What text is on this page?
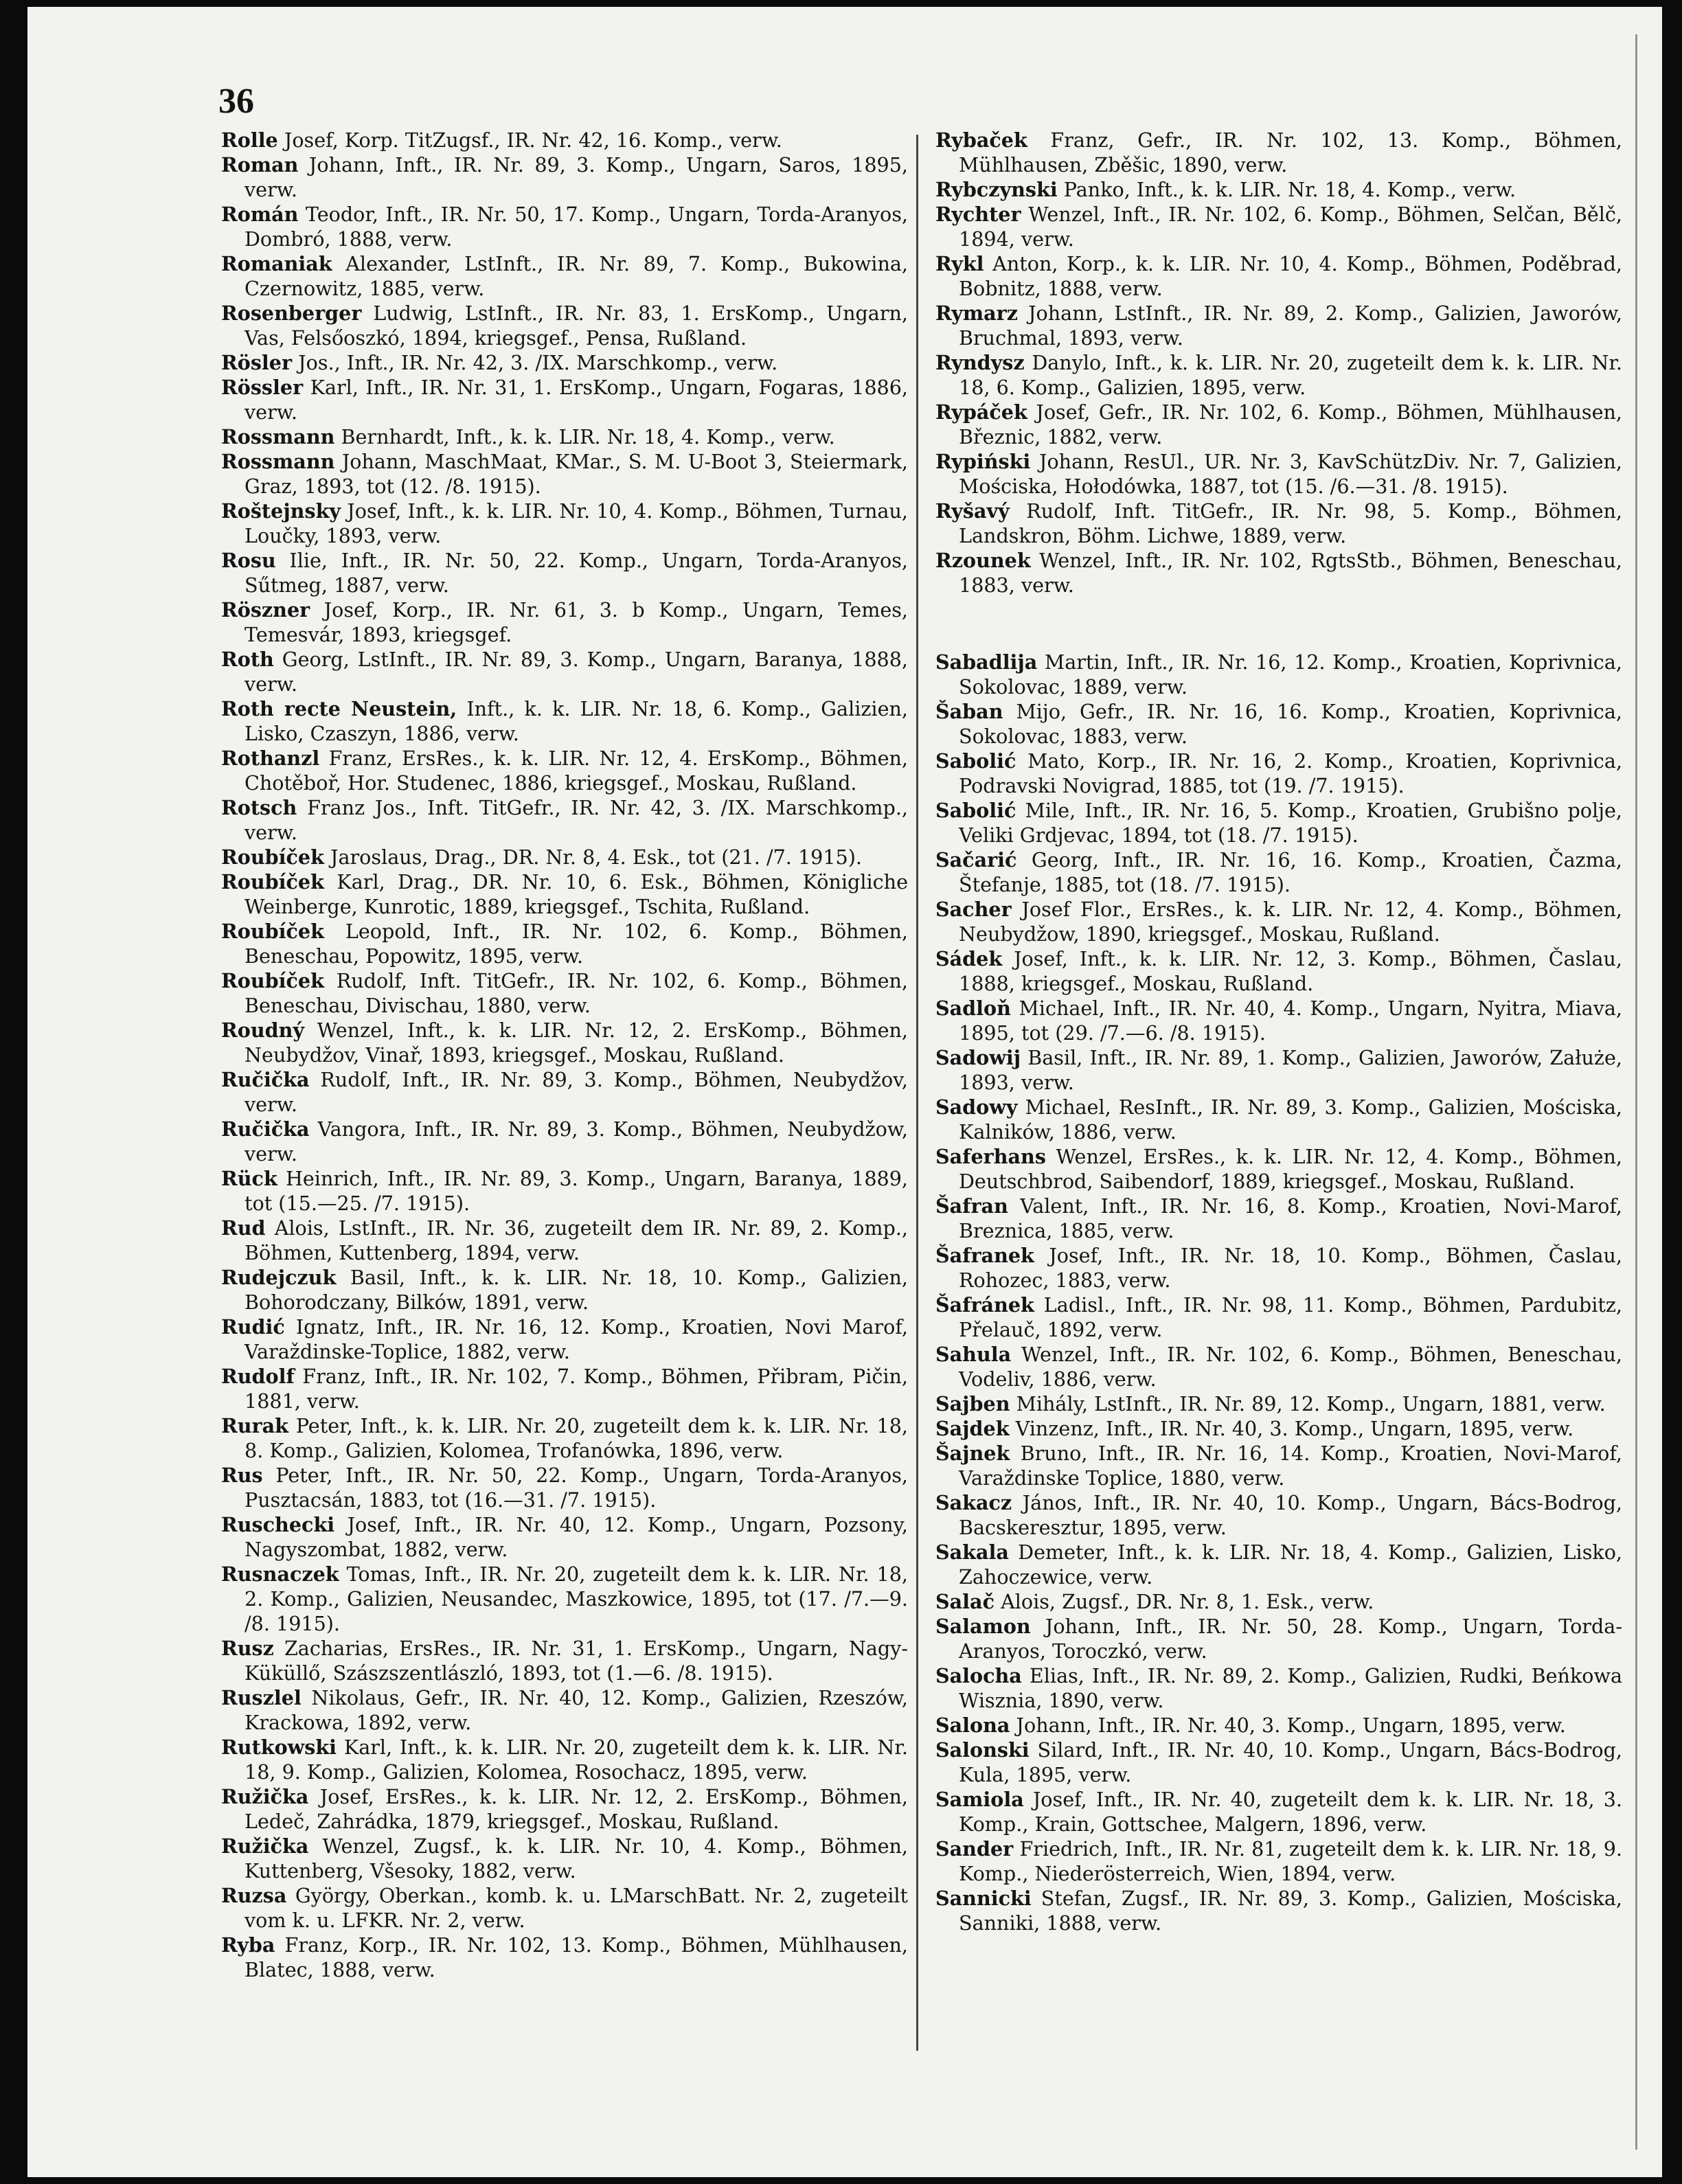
36

Rolle Josef, Korp. TitZugsf., IR. Nr. 42, 16. Komp., verw.

Roman Johann, Inft., IR. Nr. 89, 3. Komp., Ungarn, Saros, 1895, verw.

Román Teodor, Inft., IR. Nr. 50, 17. Komp., Ungarn, Torda-Aranyos, Dombró, 1888, verw.

Romaniak Alexander, LstInft., IR. Nr. 89, 7. Komp., Bukowina, Czernowitz, 1885, verw.

Rosenberger Ludwig, LstInft., IR. Nr. 83, 1. ErsKomp., Ungarn, Vas, Felsőoszkó, 1894, kriegsgef., Pensa, Rußland.

Rösler Jos., Inft., IR. Nr. 42, 3. /IX. Marschkomp., verw.

Rössler Karl, Inft., IR. Nr. 31, 1. ErsKomp., Ungarn, Fogaras, 1886, verw.

Rossmann Bernhardt, Inft., k. k. LIR. Nr. 18, 4. Komp., verw.

Rossmann Johann, MaschMaat, KMar., S. M. U-Boot 3, Steiermark, Graz, 1893, tot (12. /8. 1915).

Roštejnsky Josef, Inft., k. k. LIR. Nr. 10, 4. Komp., Böhmen, Turnau, Loučky, 1893, verw.

Rosu Ilie, Inft., IR. Nr. 50, 22. Komp., Ungarn, Torda-Aranyos, Sűtmeg, 1887, verw.

Röszner Josef, Korp., IR. Nr. 61, 3. b Komp., Ungarn, Temes, Temesvár, 1893, kriegsgef.

Roth Georg, LstInft., IR. Nr. 89, 3. Komp., Ungarn, Baranya, 1888, verw.

Roth recte Neustein, Inft., k. k. LIR. Nr. 18, 6. Komp., Galizien, Lisko, Czaszyn, 1886, verw.

Rothanzl Franz, ErsRes., k. k. LIR. Nr. 12, 4. ErsKomp., Böhmen, Chotěboř, Hor. Studenec, 1886, kriegsgef., Moskau, Rußland.

Rotsch Franz Jos., Inft. TitGefr., IR. Nr. 42, 3. /IX. Marschkomp., verw.

Roubíček Jaroslaus, Drag., DR. Nr. 8, 4. Esk., tot (21. /7. 1915).

Roubíček Karl, Drag., DR. Nr. 10, 6. Esk., Böhmen, Königliche Weinberge, Kunrotic, 1889, kriegsgef., Tschita, Rußland.

Roubíček Leopold, Inft., IR. Nr. 102, 6. Komp., Böhmen, Beneschau, Popowitz, 1895, verw.

Roubíček Rudolf, Inft. TitGefr., IR. Nr. 102, 6. Komp., Böhmen, Beneschau, Divischau, 1880, verw.

Roudný Wenzel, Inft., k. k. LIR. Nr. 12, 2. ErsKomp., Böhmen, Neubydžov, Vinař, 1893, kriegsgef., Moskau, Rußland.

Ručička Rudolf, Inft., IR. Nr. 89, 3. Komp., Böhmen, Neubydžov, verw.

Ručička Vangora, Inft., IR. Nr. 89, 3. Komp., Böhmen, Neubydžow, verw.

Rück Heinrich, Inft., IR. Nr. 89, 3. Komp., Ungarn, Baranya, 1889, tot (15.—25. /7. 1915).

Rud Alois, LstInft., IR. Nr. 36, zugeteilt dem IR. Nr. 89, 2. Komp., Böhmen, Kuttenberg, 1894, verw.

Rudejczuk Basil, Inft., k. k. LIR. Nr. 18, 10. Komp., Galizien, Bohorodczany, Bilków, 1891, verw.

Rudić Ignatz, Inft., IR. Nr. 16, 12. Komp., Kroatien, Novi Marof, Varaždinske-Toplice, 1882, verw.

Rudolf Franz, Inft., IR. Nr. 102, 7. Komp., Böhmen, Přibram, Pičin, 1881, verw.

Rurak Peter, Inft., k. k. LIR. Nr. 20, zugeteilt dem k. k. LIR. Nr. 18, 8. Komp., Galizien, Kolomea, Trofanówka, 1896, verw.

Rus Peter, Inft., IR. Nr. 50, 22. Komp., Ungarn, Torda-Aranyos, Pusztacsán, 1883, tot (16.—31. /7. 1915).

Ruschecki Josef, Inft., IR. Nr. 40, 12. Komp., Ungarn, Pozsony, Nagyszombat, 1882, verw.

Rusnaczek Tomas, Inft., IR. Nr. 20, zugeteilt dem k. k. LIR. Nr. 18, 2. Komp., Galizien, Neusandec, Maszkowice, 1895, tot (17. /7.—9. /8. 1915).

Rusz Zacharias, ErsRes., IR. Nr. 31, 1. ErsKomp., Ungarn, Nagy-Küküllő, Szászszentlászló, 1893, tot (1.—6. /8. 1915).

Ruszlel Nikolaus, Gefr., IR. Nr. 40, 12. Komp., Galizien, Rzeszów, Krackowa, 1892, verw.

Rutkowski Karl, Inft., k. k. LIR. Nr. 20, zugeteilt dem k. k. LIR. Nr. 18, 9. Komp., Galizien, Kolomea, Rosochacz, 1895, verw.

Ružička Josef, ErsRes., k. k. LIR. Nr. 12, 2. ErsKomp., Böhmen, Ledeč, Zahrádka, 1879, kriegsgef., Moskau, Rußland.

Ružička Wenzel, Zugsf., k. k. LIR. Nr. 10, 4. Komp., Böhmen, Kuttenberg, Všesoky, 1882, verw.

Ruzsa György, Oberkan., komb. k. u. LMarschBatt. Nr. 2, zugeteilt vom k. u. LFKR. Nr. 2, verw.

Ryba Franz, Korp., IR. Nr. 102, 13. Komp., Böhmen, Mühlhausen, Blatec, 1888, verw.

Rybaček Franz, Gefr., IR. Nr. 102, 13. Komp., Böhmen, Mühlhausen, Zběšic, 1890, verw.

Rybczynski Panko, Inft., k. k. LIR. Nr. 18, 4. Komp., verw.

Rychter Wenzel, Inft., IR. Nr. 102, 6. Komp., Böhmen, Selčan, Bělč, 1894, verw.

Rykl Anton, Korp., k. k. LIR. Nr. 10, 4. Komp., Böhmen, Poděbrad, Bobnitz, 1888, verw.

Rymarz Johann, LstInft., IR. Nr. 89, 2. Komp., Galizien, Jaworów, Bruchmal, 1893, verw.

Ryndysz Danylo, Inft., k. k. LIR. Nr. 20, zugeteilt dem k. k. LIR. Nr. 18, 6. Komp., Galizien, 1895, verw.

Rypáček Josef, Gefr., IR. Nr. 102, 6. Komp., Böhmen, Mühlhausen, Březnic, 1882, verw.

Rypiński Johann, ResUl., UR. Nr. 3, KavSchützDiv. Nr. 7, Galizien, Mościska, Hołodówka, 1887, tot (15. /6.—31. /8. 1915).

Ryšavý Rudolf, Inft. TitGefr., IR. Nr. 98, 5. Komp., Böhmen, Landskron, Böhm. Lichwe, 1889, verw.

Rzounek Wenzel, Inft., IR. Nr. 102, RgtsStb., Böhmen, Beneschau, 1883, verw.

Sabadlija Martin, Inft., IR. Nr. 16, 12. Komp., Kroatien, Koprivnica, Sokolovac, 1889, verw.

Šaban Mijo, Gefr., IR. Nr. 16, 16. Komp., Kroatien, Koprivnica, Sokolovac, 1883, verw.

Sabolić Mato, Korp., IR. Nr. 16, 2. Komp., Kroatien, Koprivnica, Podravski Novigrad, 1885, tot (19. /7. 1915).

Sabolić Mile, Inft., IR. Nr. 16, 5. Komp., Kroatien, Grubišno polje, Veliki Grdjevac, 1894, tot (18. /7. 1915).

Sačarić Georg, Inft., IR. Nr. 16, 16. Komp., Kroatien, Čazma, Štefanje, 1885, tot (18. /7. 1915).

Sacher Josef Flor., ErsRes., k. k. LIR. Nr. 12, 4. Komp., Böhmen, Neubydžow, 1890, kriegsgef., Moskau, Rußland.

Sádek Josef, Inft., k. k. LIR. Nr. 12, 3. Komp., Böhmen, Časlau, 1888, kriegsgef., Moskau, Rußland.

Sadloň Michael, Inft., IR. Nr. 40, 4. Komp., Ungarn, Nyitra, Miava, 1895, tot (29. /7.—6. /8. 1915).

Sadowij Basil, Inft., IR. Nr. 89, 1. Komp., Galizien, Jaworów, Załuże, 1893, verw.

Sadowy Michael, ResInft., IR. Nr. 89, 3. Komp., Galizien, Mościska, Kalników, 1886, verw.

Saferhans Wenzel, ErsRes., k. k. LIR. Nr. 12, 4. Komp., Böhmen, Deutschbrod, Saibendorf, 1889, kriegsgef., Moskau, Rußland.

Šafran Valent, Inft., IR. Nr. 16, 8. Komp., Kroatien, Novi-Marof, Breznica, 1885, verw.

Šafranek Josef, Inft., IR. Nr. 18, 10. Komp., Böhmen, Časlau, Rohozec, 1883, verw.

Šafránek Ladisl., Inft., IR. Nr. 98, 11. Komp., Böhmen, Pardubitz, Přelauč, 1892, verw.

Sahula Wenzel, Inft., IR. Nr. 102, 6. Komp., Böhmen, Beneschau, Vodeliv, 1886, verw.

Sajben Mihály, LstInft., IR. Nr. 89, 12. Komp., Ungarn, 1881, verw.

Sajdek Vinzenz, Inft., IR. Nr. 40, 3. Komp., Ungarn, 1895, verw.

Šajnek Bruno, Inft., IR. Nr. 16, 14. Komp., Kroatien, Novi-Marof, Varaždinske Toplice, 1880, verw.

Sakacz János, Inft., IR. Nr. 40, 10. Komp., Ungarn, Bács-Bodrog, Bacskeresztur, 1895, verw.

Sakala Demeter, Inft., k. k. LIR. Nr. 18, 4. Komp., Galizien, Lisko, Zahoczewice, verw.

Salač Alois, Zugsf., DR. Nr. 8, 1. Esk., verw.

Salamon Johann, Inft., IR. Nr. 50, 28. Komp., Ungarn, Torda-Aranyos, Toroczkó, verw.

Salocha Elias, Inft., IR. Nr. 89, 2. Komp., Galizien, Rudki, Beńkowa Wisznia, 1890, verw.

Salona Johann, Inft., IR. Nr. 40, 3. Komp., Ungarn, 1895, verw.

Salonski Silard, Inft., IR. Nr. 40, 10. Komp., Ungarn, Bács-Bodrog, Kula, 1895, verw.

Samiola Josef, Inft., IR. Nr. 40, zugeteilt dem k. k. LIR. Nr. 18, 3. Komp., Krain, Gottschee, Malgern, 1896, verw.

Sander Friedrich, Inft., IR. Nr. 81, zugeteilt dem k. k. LIR. Nr. 18, 9. Komp., Niederösterreich, Wien, 1894, verw.

Sannicki Stefan, Zugsf., IR. Nr. 89, 3. Komp., Galizien, Mościska, Sanniki, 1888, verw.
